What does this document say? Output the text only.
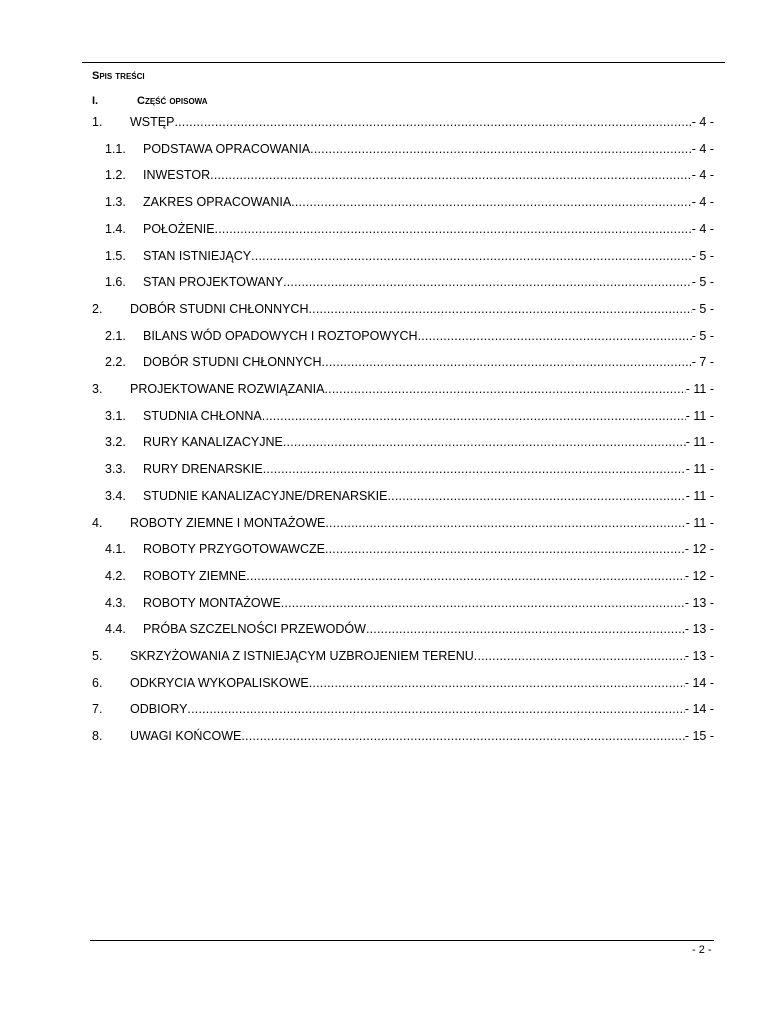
Spis treści
I.	Część opisowa
1. WSTĘP .....	- 4 -
1.1. PODSTAWA OPRACOWANIA .....	- 4 -
1.2. INWESTOR .....	- 4 -
1.3. ZAKRES OPRACOWANIA .....	- 4 -
1.4. POŁOŻENIE .....	- 4 -
1.5. STAN ISTNIEJĄCY .....	- 5 -
1.6. STAN PROJEKTOWANY .....	- 5 -
2. DOBÓR STUDNI CHŁONNYCH .....	- 5 -
2.1. BILANS WÓD OPADOWYCH I ROZTOPOWYCH .....	- 5 -
2.2. DOBÓR STUDNI CHŁONNYCH .....	- 7 -
3. PROJEKTOWANE ROZWIĄZANIA .....	- 11 -
3.1. STUDNIA CHŁONNA .....	- 11 -
3.2. RURY KANALIZACYJNE .....	- 11 -
3.3. RURY DRENARSKIE .....	- 11 -
3.4. STUDNIE KANALIZACYJNE/DRENARSKIE .....	- 11 -
4. ROBOTY ZIEMNE I MONTAŻOWE .....	- 11 -
4.1. ROBOTY PRZYGOTOWAWCZE .....	- 12 -
4.2. ROBOTY ZIEMNE .....	- 12 -
4.3. ROBOTY MONTAŻOWE .....	- 13 -
4.4. PRÓBA SZCZELNOŚCI PRZEWODÓW .....	- 13 -
5. SKRZYŻOWANIA Z ISTNIEJĄCYM UZBROJENIEM TERENU .....	- 13 -
6. ODKRYCIA WYKOPALISKOWE .....	- 14 -
7. ODBIORY .....	- 14 -
8. UWAGI KOŃCOWE .....	- 15 -
- 2 -
